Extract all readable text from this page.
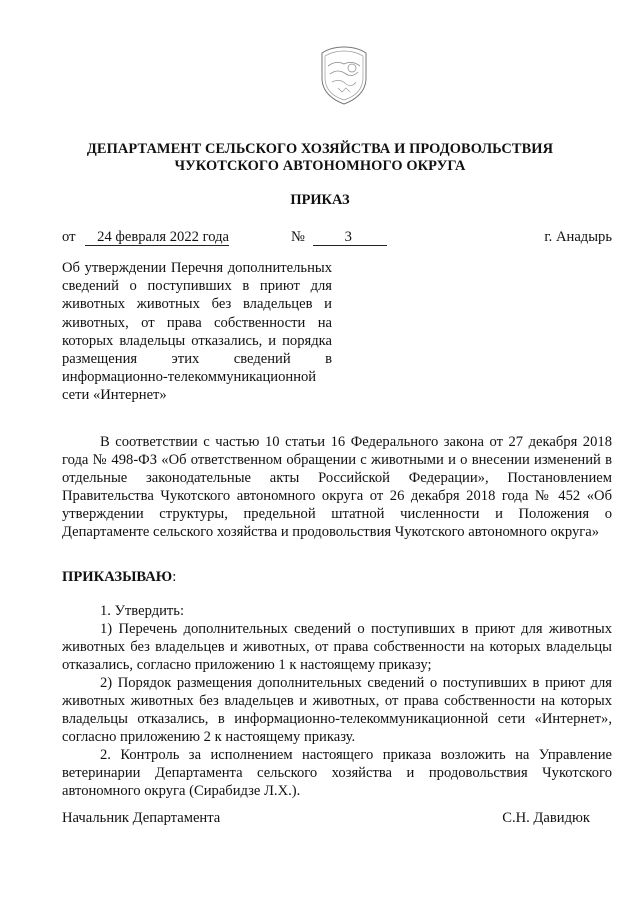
ДЕПАРТАМЕНТ СЕЛЬСКОГО ХОЗЯЙСТВА И ПРОДОВОЛЬСТВИЯ
ЧУКОТСКОГО АВТОНОМНОГО ОКРУГА
ПРИКАЗ
от 24 февраля 2022 года	№	3	г. Анадырь
Об утверждении Перечня дополнительных сведений о поступивших в приют для животных животных без владельцев и животных, от права собственности на которых владельцы отказались, и порядка размещения этих сведений в информационно-телекоммуникационной сети «Интернет»
В соответствии с частью 10 статьи 16 Федерального закона от 27 декабря 2018 года № 498-ФЗ «Об ответственном обращении с животными и о внесении изменений в отдельные законодательные акты Российской Федерации», Постановлением Правительства Чукотского автономного округа от 26 декабря 2018 года № 452 «Об утверждении структуры, предельной штатной численности и Положения о Департаменте сельского хозяйства и продовольствия Чукотского автономного округа»
ПРИКАЗЫВАЮ:
1. Утвердить:
1) Перечень дополнительных сведений о поступивших в приют для животных животных без владельцев и животных, от права собственности на которых владельцы отказались, согласно приложению 1 к настоящему приказу;
2) Порядок размещения дополнительных сведений о поступивших в приют для животных животных без владельцев и животных, от права собственности на которых владельцы отказались, в информационно-телекоммуникационной сети «Интернет», согласно приложению 2 к настоящему приказу.
2. Контроль за исполнением настоящего приказа возложить на Управление ветеринарии Департамента сельского хозяйства и продовольствия Чукотского автономного округа (Сирабидзе Л.Х.).
Начальник Департамента	С.Н. Давидюк
